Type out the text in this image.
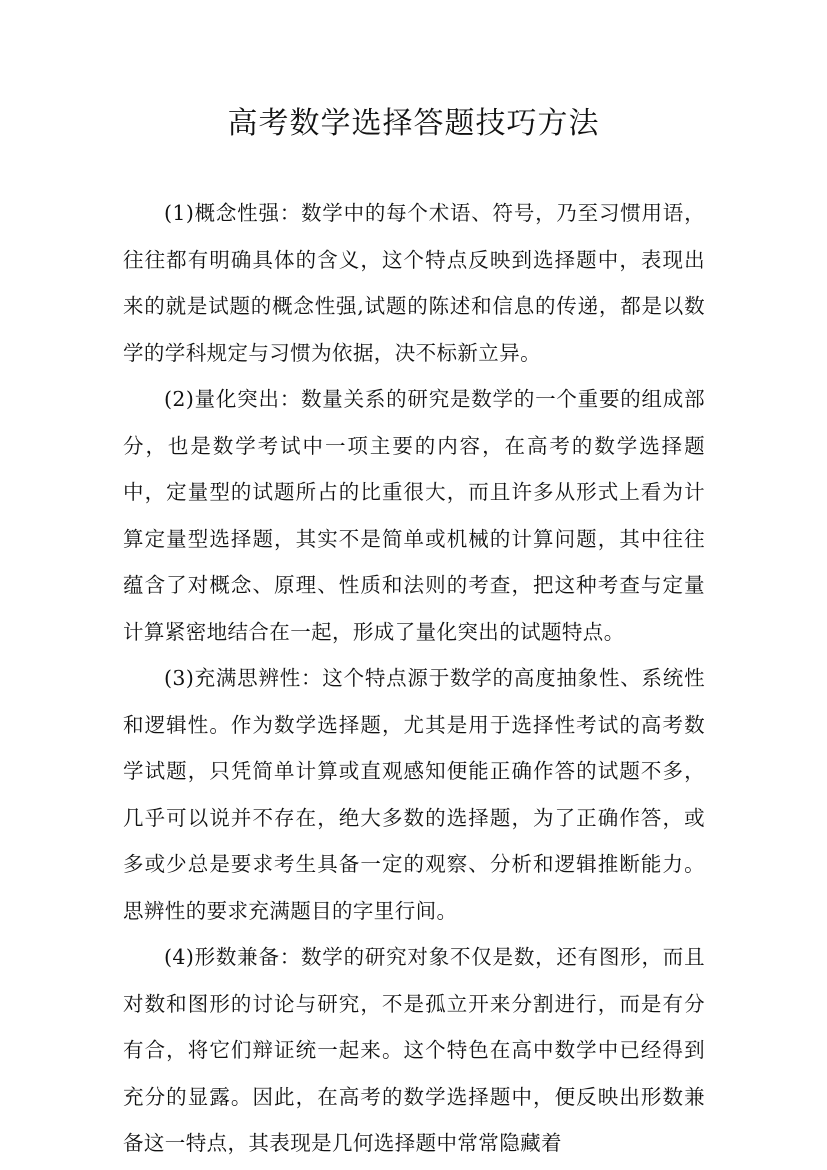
高考数学选择答题技巧方法

(1)概念性强：数学中的每个术语、符号，乃至习惯用语，往往都有明确具体的含义，这个特点反映到选择题中，表现出来的就是试题的概念性强,试题的陈述和信息的传递，都是以数学的学科规定与习惯为依据，决不标新立异。

(2)量化突出：数量关系的研究是数学的一个重要的组成部分，也是数学考试中一项主要的内容，在高考的数学选择题中，定量型的试题所占的比重很大，而且许多从形式上看为计算定量型选择题，其实不是简单或机械的计算问题，其中往往蕴含了对概念、原理、性质和法则的考查，把这种考查与定量计算紧密地结合在一起，形成了量化突出的试题特点。

(3)充满思辨性：这个特点源于数学的高度抽象性、系统性和逻辑性。作为数学选择题，尤其是用于选择性考试的高考数学试题，只凭简单计算或直观感知便能正确作答的试题不多，几乎可以说并不存在，绝大多数的选择题，为了正确作答，或多或少总是要求考生具备一定的观察、分析和逻辑推断能力。思辨性的要求充满题目的字里行间。

(4)形数兼备：数学的研究对象不仅是数，还有图形，而且对数和图形的讨论与研究，不是孤立开来分割进行，而是有分有合，将它们辩证统一起来。这个特色在高中数学中已经得到充分的显露。因此，在高考的数学选择题中，便反映出形数兼备这一特点，其表现是几何选择题中常常隐藏着
